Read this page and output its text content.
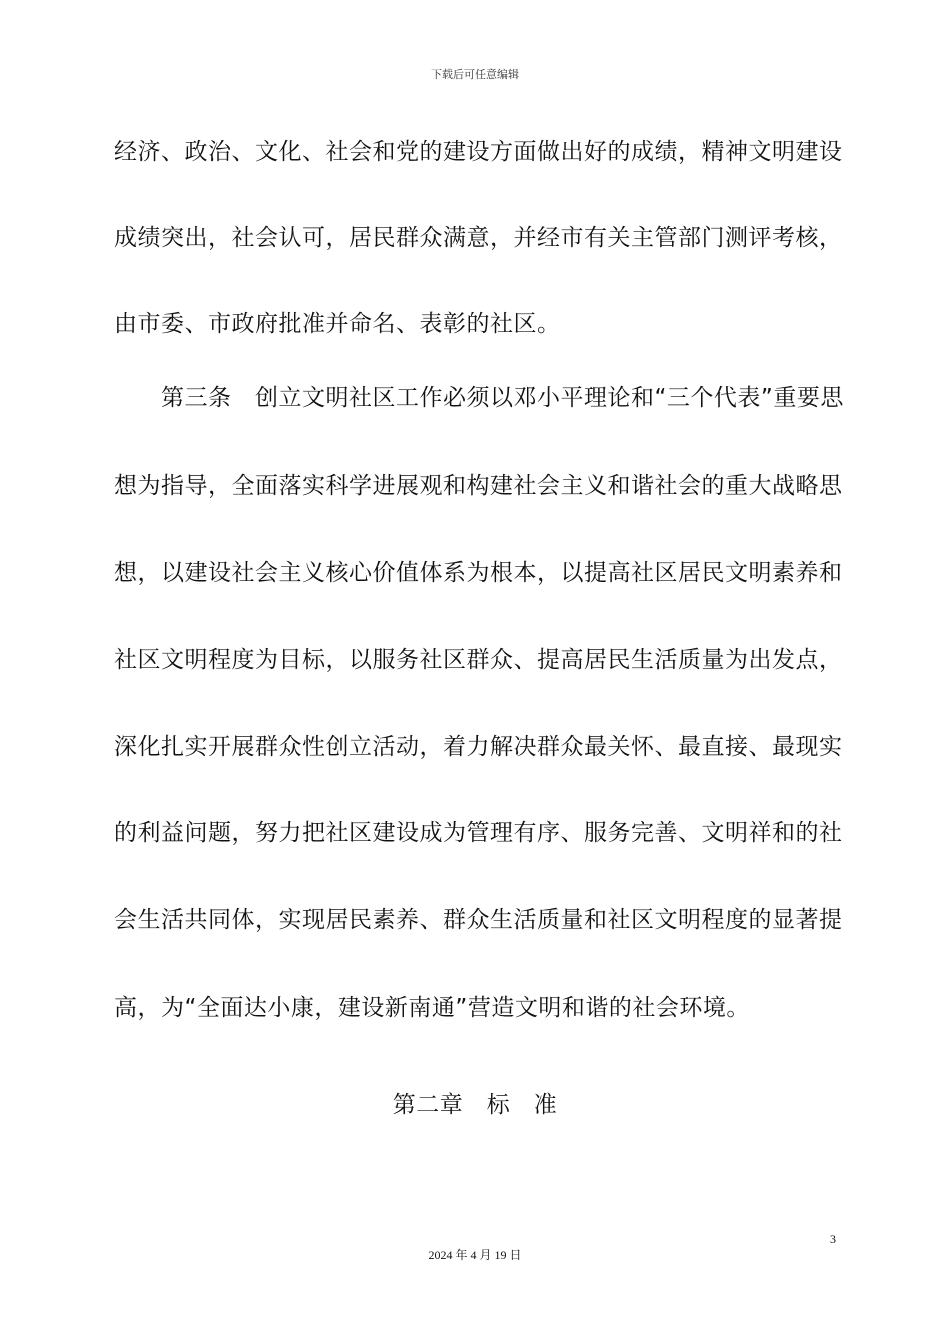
下载后可任意编辑
经济、政治、文化、社会和党的建设方面做出好的成绩，精神文明建设
成绩突出，社会认可，居民群众满意，并经市有关主管部门测评考核，
由市委、市政府批准并命名、表彰的社区。
　　第三条　创立文明社区工作必须以邓小平理论和“三个代表”重要思
想为指导，全面落实科学进展观和构建社会主义和谐社会的重大战略思
想，以建设社会主义核心价值体系为根本，以提高社区居民文明素养和
社区文明程度为目标，以服务社区群众、提高居民生活质量为出发点，
深化扎实开展群众性创立活动，着力解决群众最关怀、最直接、最现实
的利益问题，努力把社区建设成为管理有序、服务完善、文明祥和的社
会生活共同体，实现居民素养、群众生活质量和社区文明程度的显著提
高，为“全面达小康，建设新南通”营造文明和谐的社会环境。
第二章　标　准
3
2024 年 4 月 19 日
